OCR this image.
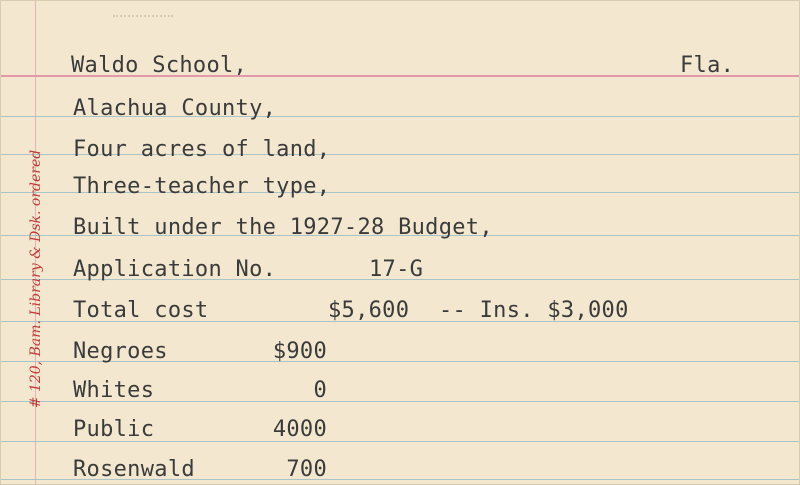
Waldo School,	Fla.
Alachua County,
Four acres of land,
Three-teacher type,
Built under the 1927-28 Budget,
Application No.	17-G
Total cost	$5,600 -- Ins. $3,000
Negroes	$900
Whites	0
Public	4000
Rosenwald	700
# 120, Bam. Library & Dsk. ordered
